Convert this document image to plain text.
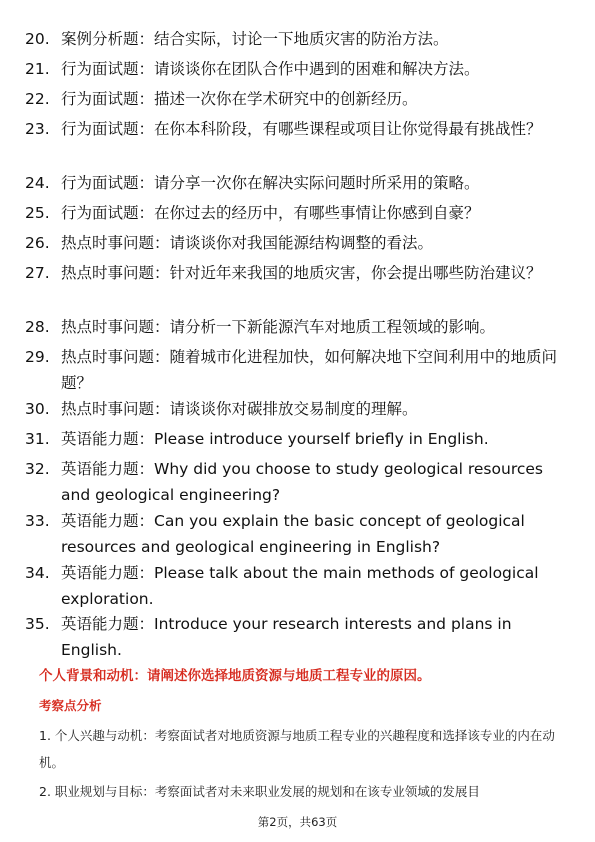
20. 案例分析题：结合实际，讨论一下地质灾害的防治方法。
21. 行为面试题：请谈谈你在团队合作中遇到的困难和解决方法。
22. 行为面试题：描述一次你在学术研究中的创新经历。
23. 行为面试题：在你本科阶段，有哪些课程或项目让你觉得最有挑战性？
24. 行为面试题：请分享一次你在解决实际问题时所采用的策略。
25. 行为面试题：在你过去的经历中，有哪些事情让你感到自豪？
26. 热点时事问题：请谈谈你对我国能源结构调整的看法。
27. 热点时事问题：针对近年来我国的地质灾害，你会提出哪些防治建议？
28. 热点时事问题：请分析一下新能源汽车对地质工程领域的影响。
29. 热点时事问题：随着城市化进程加快，如何解决地下空间利用中的地质问题？
30. 热点时事问题：请谈谈你对碳排放交易制度的理解。
31. 英语能力题：Please introduce yourself briefly in English.
32. 英语能力题：Why did you choose to study geological resources and geological engineering?
33. 英语能力题：Can you explain the basic concept of geological resources and geological engineering in English?
34. 英语能力题：Please talk about the main methods of geological exploration.
35. 英语能力题：Introduce your research interests and plans in English.
个人背景和动机：请阐述你选择地质资源与地质工程专业的原因。
考察点分析
1. 个人兴趣与动机：考察面试者对地质资源与地质工程专业的兴趣程度和选择该专业的内在动机。
2. 职业规划与目标：考察面试者对未来职业发展的规划和在该专业领域的发展目
第2页，共63页
